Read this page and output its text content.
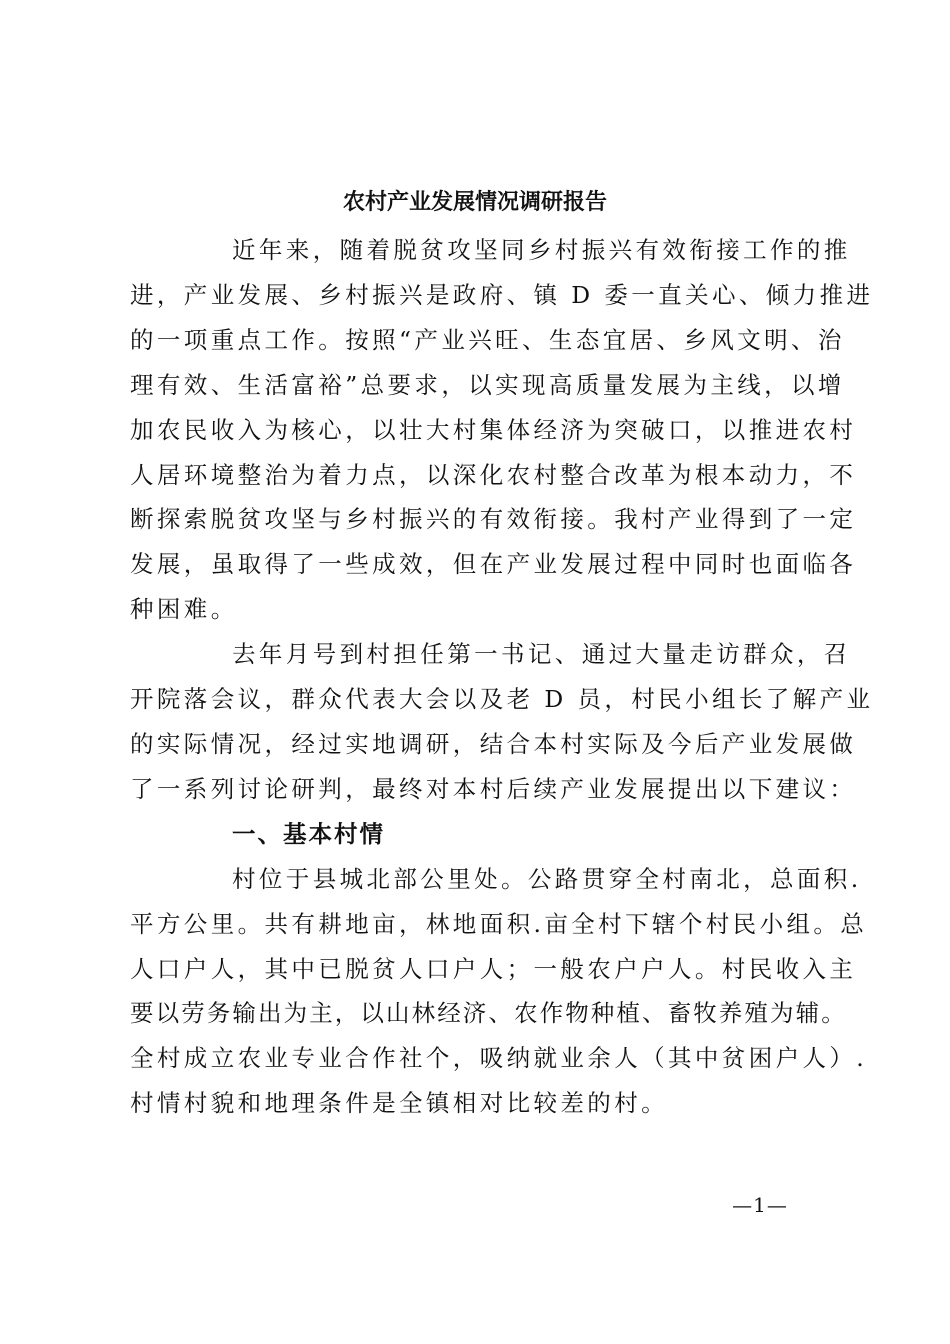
农村产业发展情况调研报告
近年来，随着脱贫攻坚同乡村振兴有效衔接工作的推
进，产业发展、乡村振兴是政府、镇 D 委一直关心、倾力推进
的一项重点工作。按照“产业兴旺、生态宜居、乡风文明、治
理有效、生活富裕”总要求，以实现高质量发展为主线，以增
加农民收入为核心，以壮大村集体经济为突破口，以推进农村
人居环境整治为着力点，以深化农村整合改革为根本动力，不
断探索脱贫攻坚与乡村振兴的有效衔接。我村产业得到了一定
发展，虽取得了一些成效，但在产业发展过程中同时也面临各
种困难。
去年月号到村担任第一书记、通过大量走访群众，召
开院落会议，群众代表大会以及老 D 员，村民小组长了解产业
的实际情况，经过实地调研，结合本村实际及今后产业发展做
了一系列讨论研判，最终对本村后续产业发展提出以下建议：
一、基本村情
村位于县城北部公里处。公路贯穿全村南北，总面积.
平方公里。共有耕地亩，林地面积.亩全村下辖个村民小组。总
人口户人，其中已脱贫人口户人；一般农户户人。村民收入主
要以劳务输出为主，以山林经济、农作物种植、畜牧养殖为辅。
全村成立农业专业合作社个，吸纳就业余人（其中贫困户人）.
村情村貌和地理条件是全镇相对比较差的村。
—1—
